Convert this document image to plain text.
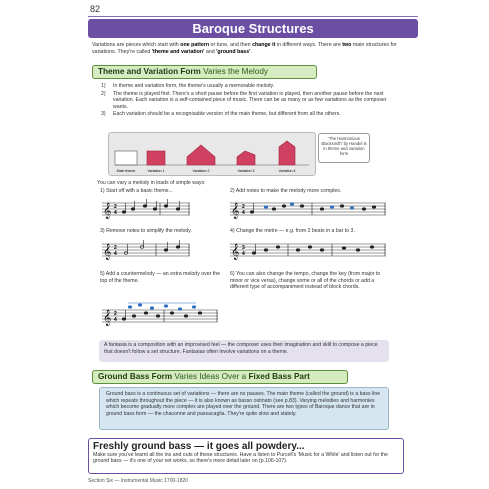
82
Baroque Structures
Variations are pieces which start with one pattern or tune, and then change it in different ways. There are two main structures for variations. They're called 'theme and variation' and 'ground bass'.
Theme and Variation Form Varies the Melody
1)	In theme and variation form, the theme's usually a memorable melody.
2)	The theme is played first. There's a short pause before the first variation is played, then another pause before the next variation. Each variation is a self-contained piece of music. There can be as many or as few variations as the composer wants.
3)	Each variation should be a recognisable version of the main theme, but different from all the others.
Main theme	Variation 1	Variation 2	Variation 3	Variation 4
'The Harmonious Blacksmith' by Handel is in theme and variation form
You can vary a melody in loads of simple ways:
1) Start off with a basic theme...	2) Add notes to make the melody more complex.
𝄞 2
4	𝄞 2
4
3) Remove notes to simplify the melody.	4) Change the metre — e.g. from 2 beats in a bar to 3.
𝄞 2
4	𝄞 3
4
5) Add a countermelody — an extra melody over the top of the theme.
6) You can also change the tempo, change the key (from major to minor or vice versa), change some or all of the chords or add a different type of accompaniment instead of block chords.
𝄞 2
4
A fantasia is a composition with an improvised feel — the composer uses their imagination and skill to compose a piece that doesn't follow a set structure. Fantasias often involve variations on a theme.
Ground Bass Form Varies Ideas Over a Fixed Bass Part
Ground bass is a continuous set of variations — there are no pauses. The main theme (called the ground) is a bass line which repeats throughout the piece — it is also known as basso ostinato (see p.83). Varying melodies and harmonies which become gradually more complex are played over the ground. There are two types of Baroque dance that are in ground bass form — the chaconne and passacaglia. They're quite slow and stately.
Freshly ground bass — it goes all powdery...
Make sure you've learnt all the ins and outs of these structures. Have a listen to Purcell's 'Music for a While' and listen out for the ground bass — it's one of your set works, so there's more detail later on (p.106-107).
Section Six — Instrumental Music 1700-1820
